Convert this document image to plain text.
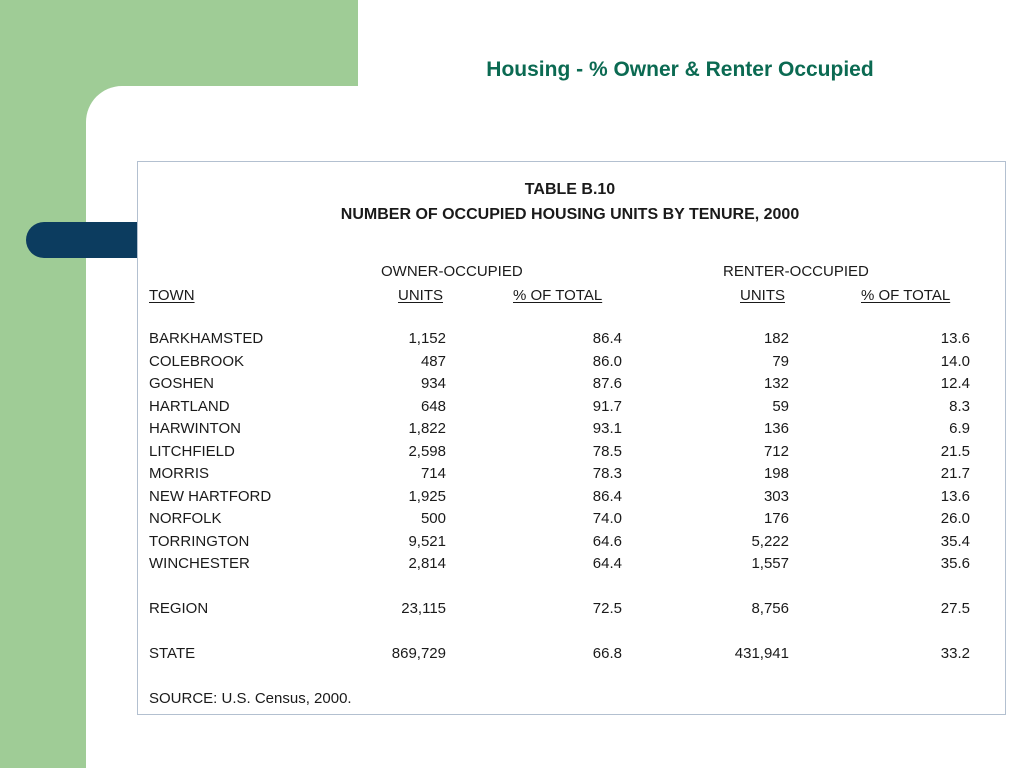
Housing - % Owner & Renter Occupied
TABLE B.10
NUMBER OF OCCUPIED HOUSING UNITS BY TENURE, 2000
OWNER-OCCUPIED	RENTER-OCCUPIED
TOWN	UNITS	% OF TOTAL	UNITS	% OF TOTAL
BARKHAMSTED	1,152	86.4	182	13.6
COLEBROOK	487	86.0	79	14.0
GOSHEN	934	87.6	132	12.4
HARTLAND	648	91.7	59	8.3
HARWINTON	1,822	93.1	136	6.9
LITCHFIELD	2,598	78.5	712	21.5
MORRIS	714	78.3	198	21.7
NEW HARTFORD	1,925	86.4	303	13.6
NORFOLK	500	74.0	176	26.0
TORRINGTON	9,521	64.6	5,222	35.4
WINCHESTER	2,814	64.4	1,557	35.6
REGION	23,115	72.5	8,756	27.5
STATE	869,729	66.8	431,941	33.2
SOURCE: U.S. Census, 2000.
